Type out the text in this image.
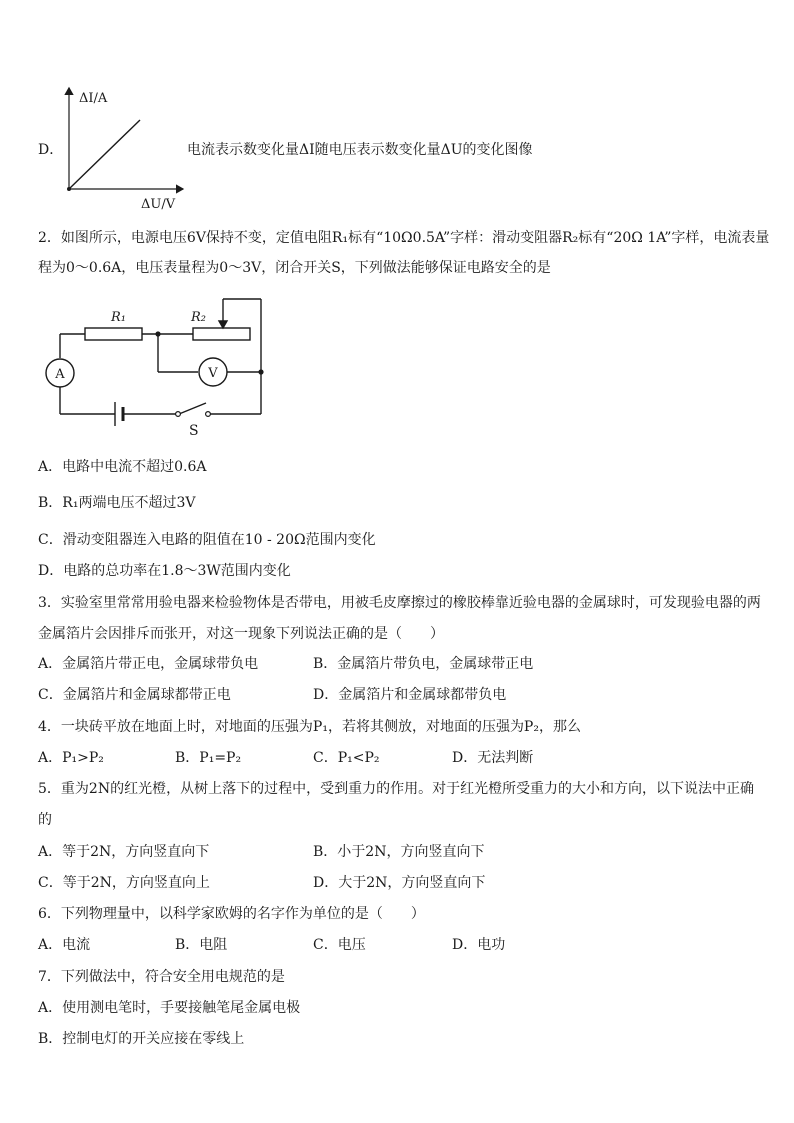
D．
ΔI/A
ΔU/V
电流表示数变化量ΔI随电压表示数变化量ΔU的变化图像
2．如图所示，电源电压6V保持不变，定值电阻R₁标有“10Ω0.5A”字样：滑动变阻器R₂标有“20Ω 1A”字样，电流表量
程为0～0.6A，电压表量程为0～3V，闭合开关S，下列做法能够保证电路安全的是
R₁	R₂
A	V
S
A．电路中电流不超过0.6A
B．R₁两端电压不超过3V
C．滑动变阻器连入电路的阻值在10 - 20Ω范围内变化
D．电路的总功率在1.8～3W范围内变化
3．实验室里常常用验电器来检验物体是否带电，用被毛皮摩擦过的橡胶棒靠近验电器的金属球时，可发现验电器的两
金属箔片会因排斥而张开，对这一现象下列说法正确的是（　　）
A．金属箔片带正电，金属球带负电	B．金属箔片带负电，金属球带正电
C．金属箔片和金属球都带正电	D．金属箔片和金属球都带负电
4．一块砖平放在地面上时，对地面的压强为P₁，若将其侧放，对地面的压强为P₂，那么
A．P₁>P₂	B．P₁=P₂	C．P₁<P₂	D．无法判断
5．重为2N的红光橙，从树上落下的过程中，受到重力的作用。对于红光橙所受重力的大小和方向，以下说法中正确
的
A．等于2N，方向竖直向下	B．小于2N，方向竖直向下
C．等于2N，方向竖直向上	D．大于2N，方向竖直向下
6．下列物理量中，以科学家欧姆的名字作为单位的是（　　）
A．电流	B．电阻	C．电压	D．电功
7．下列做法中，符合安全用电规范的是
A．使用测电笔时，手要接触笔尾金属电极
B．控制电灯的开关应接在零线上
